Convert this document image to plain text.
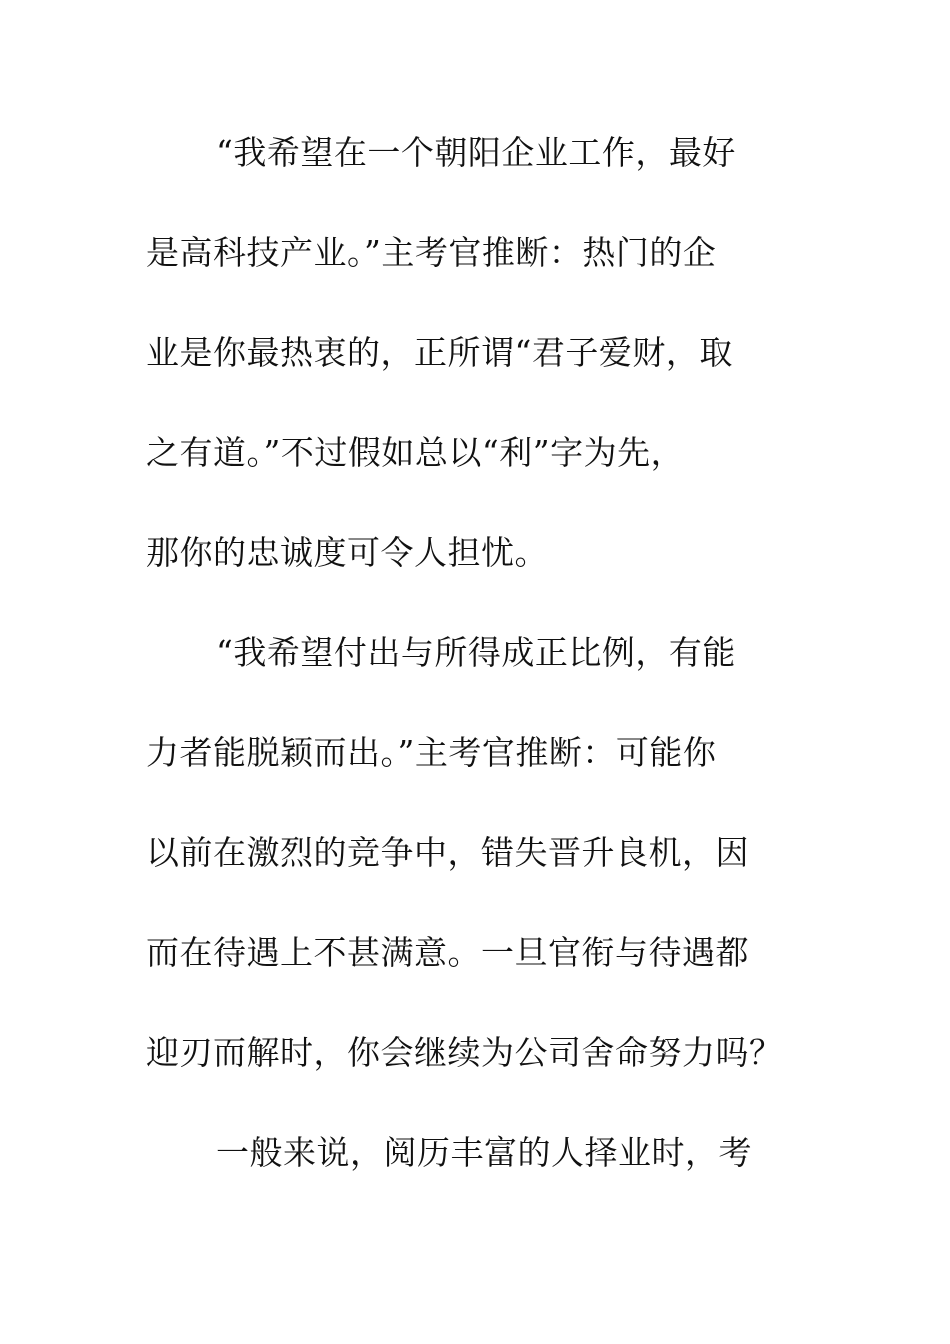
“我希望在一个朝阳企业工作，最好
是高科技产业。”主考官推断：热门的企
业是你最热衷的，正所谓“君子爱财，取
之有道。”不过假如总以“利”字为先，
那你的忠诚度可令人担忧。
“我希望付出与所得成正比例，有能
力者能脱颖而出。”主考官推断：可能你
以前在激烈的竞争中，错失晋升良机，因
而在待遇上不甚满意。一旦官衔与待遇都
迎刃而解时，你会继续为公司舍命努力吗？
一般来说，阅历丰富的人择业时，考
